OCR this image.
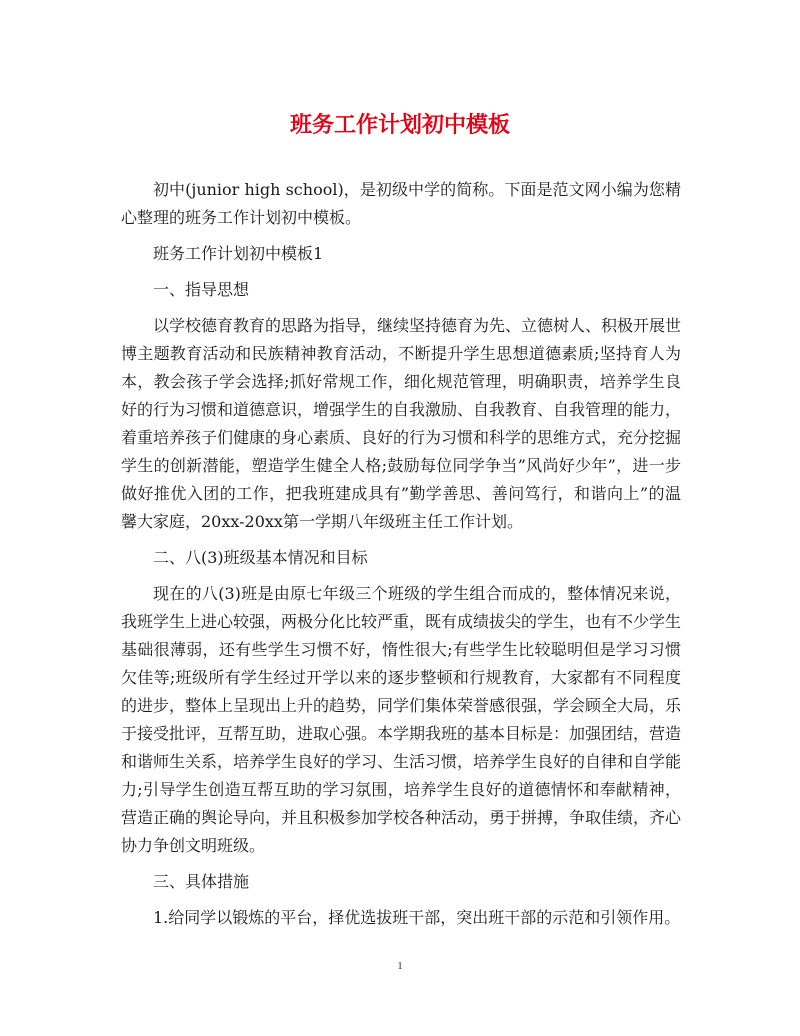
班务工作计划初中模板

初中(junior high school)，是初级中学的简称。下面是范文网小编为您精心整理的班务工作计划初中模板。

班务工作计划初中模板1

一、指导思想

以学校德育教育的思路为指导，继续坚持德育为先、立德树人、积极开展世博主题教育活动和民族精神教育活动，不断提升学生思想道德素质;坚持育人为本，教会孩子学会选择;抓好常规工作，细化规范管理，明确职责，培养学生良好的行为习惯和道德意识，增强学生的自我激励、自我教育、自我管理的能力，着重培养孩子们健康的身心素质、良好的行为习惯和科学的思维方式，充分挖掘学生的创新潜能，塑造学生健全人格;鼓励每位同学争当”风尚好少年”，进一步做好推优入团的工作，把我班建成具有”勤学善思、善问笃行，和谐向上”的温馨大家庭，20xx-20xx第一学期八年级班主任工作计划。

二、八(3)班级基本情况和目标

现在的八(3)班是由原七年级三个班级的学生组合而成的，整体情况来说，我班学生上进心较强，两极分化比较严重，既有成绩拔尖的学生，也有不少学生基础很薄弱，还有些学生习惯不好，惰性很大;有些学生比较聪明但是学习习惯欠佳等;班级所有学生经过开学以来的逐步整顿和行规教育，大家都有不同程度的进步，整体上呈现出上升的趋势，同学们集体荣誉感很强，学会顾全大局，乐于接受批评，互帮互助，进取心强。本学期我班的基本目标是：加强团结，营造和谐师生关系，培养学生良好的学习、生活习惯，培养学生良好的自律和自学能力;引导学生创造互帮互助的学习氛围，培养学生良好的道德情怀和奉献精神，营造正确的舆论导向，并且积极参加学校各种活动，勇于拼搏，争取佳绩，齐心协力争创文明班级。

三、具体措施

1.给同学以锻炼的平台，择优选拔班干部，突出班干部的示范和引领作用。

1
